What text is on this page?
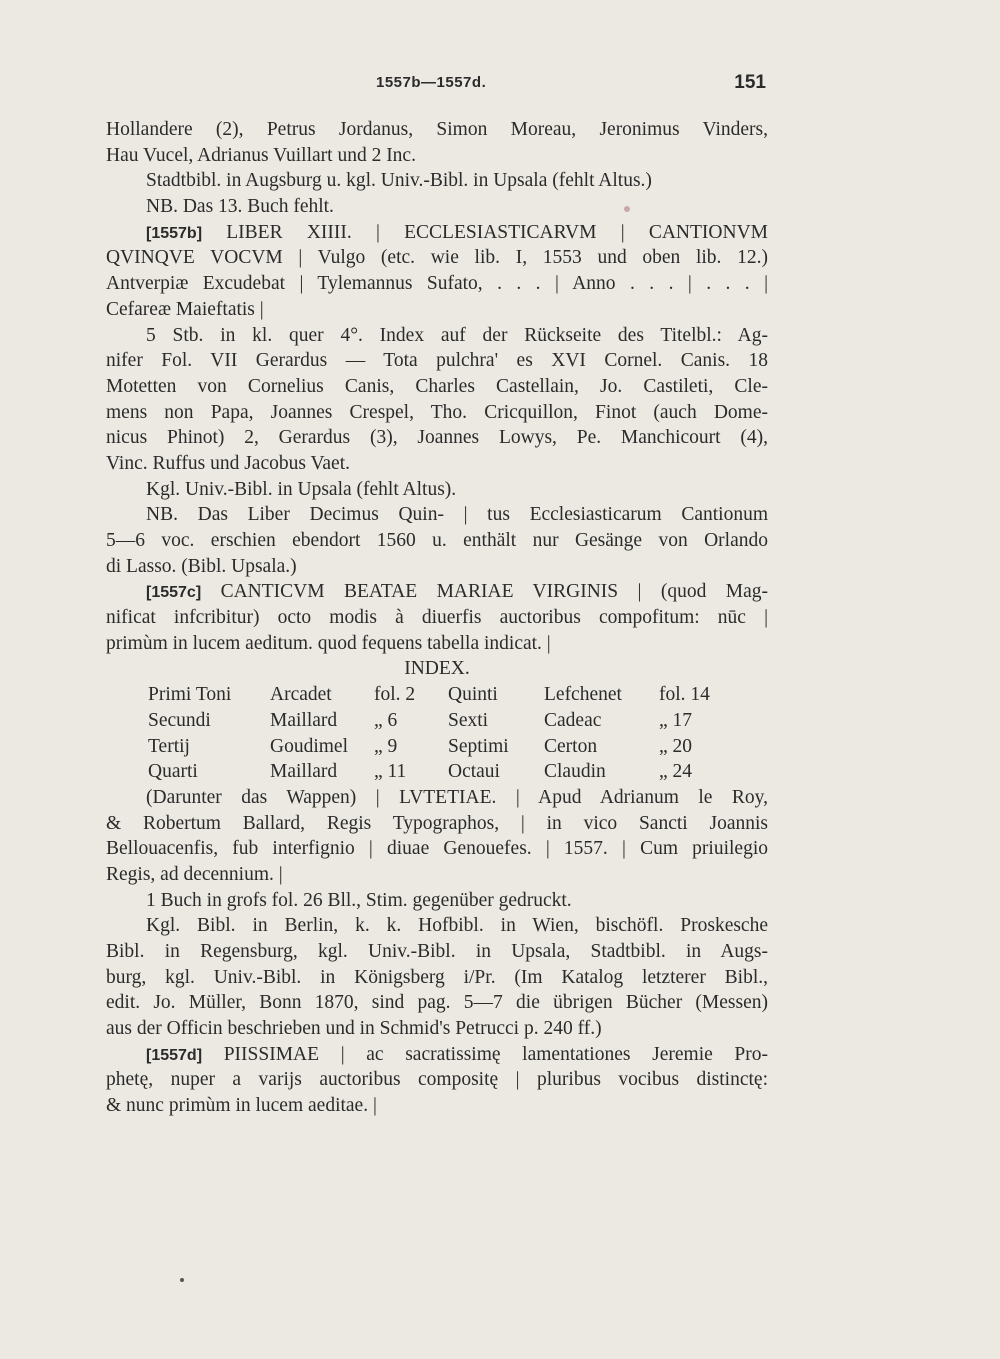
1557b—1557d.	151
Hollandere (2), Petrus Jordanus, Simon Moreau, Jeronimus Vinders,
Hau Vucel, Adrianus Vuillart und 2 Inc.
Stadtbibl. in Augsburg u. kgl. Univ.-Bibl. in Upsala (fehlt Altus.)
NB. Das 13. Buch fehlt.
[1557b] LIBER XIIII. | ECCLESIASTICARVM | CANTIONVM
QVINQVE VOCVM | Vulgo (etc. wie lib. I, 1553 und oben lib. 12.)
Antverpiæ Excudebat | Tylemannus Sufato, . . . | Anno . . . | . . . |
Cefareæ Maieftatis |
5 Stb. in kl. quer 4°. Index auf der Rückseite des Titelbl.: Ag-
nifer Fol. VII Gerardus — Tota pulchra' es XVI Cornel. Canis. 18
Motetten von Cornelius Canis, Charles Castellain, Jo. Castileti, Cle-
mens non Papa, Joannes Crespel, Tho. Cricquillon, Finot (auch Dome-
nicus Phinot) 2, Gerardus (3), Joannes Lowys, Pe. Manchicourt (4),
Vinc. Ruffus und Jacobus Vaet.
Kgl. Univ.-Bibl. in Upsala (fehlt Altus).
NB. Das Liber Decimus Quin- | tus Ecclesiasticarum Cantionum
5—6 voc. erschien ebendort 1560 u. enthält nur Gesänge von Orlando
di Lasso. (Bibl. Upsala.)
[1557c] CANTICVM BEATAE MARIAE VIRGINIS | (quod Mag-
nificat infcribitur) octo modis à diuerfis auctoribus compofitum: nūc |
primùm in lucem aeditum. quod fequens tabella indicat. |
INDEX.
Primi Toni	Arcadet	fol. 2	Quinti	Lefchenet	fol. 14
Secundi	Maillard	„ 6	Sexti	Cadeac	„ 17
Tertij	Goudimel	„ 9	Septimi	Certon	„ 20
Quarti	Maillard	„ 11	Octaui	Claudin	„ 24
(Darunter das Wappen) | LVTETIAE. | Apud Adrianum le Roy,
& Robertum Ballard, Regis Typographos, | in vico Sancti Joannis
Bellouacenfis, fub interfignio | diuae Genouefes. | 1557. | Cum priuilegio
Regis, ad decennium. |
1 Buch in grofs fol. 26 Bll., Stim. gegenüber gedruckt.
Kgl. Bibl. in Berlin, k. k. Hofbibl. in Wien, bischöfl. Proskesche
Bibl. in Regensburg, kgl. Univ.-Bibl. in Upsala, Stadtbibl. in Augs-
burg, kgl. Univ.-Bibl. in Königsberg i/Pr. (Im Katalog letzterer Bibl.,
edit. Jo. Müller, Bonn 1870, sind pag. 5—7 die übrigen Bücher (Messen)
aus der Officin beschrieben und in Schmid's Petrucci p. 240 ff.)
[1557d] PIISSIMAE | ac sacratissimę lamentationes Jeremie Pro-
phetę, nuper a varijs auctoribus compositę | pluribus vocibus distinctę:
& nunc primùm in lucem aeditae. |
